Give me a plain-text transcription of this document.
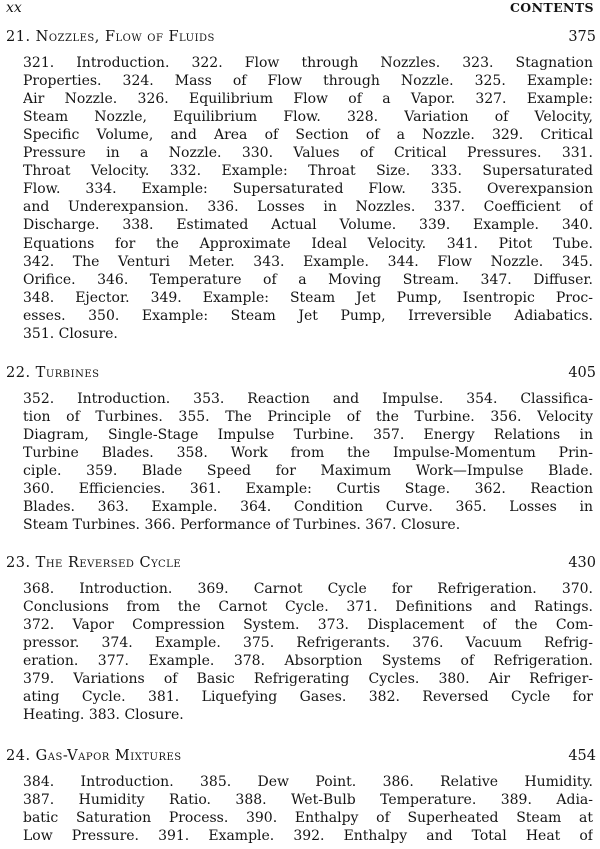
xx	CONTENTS
21. Nozzles, Flow of Fluids	375
321. Introduction. 322. Flow through Nozzles. 323. Stagnation
Properties. 324. Mass of Flow through Nozzle. 325. Example:
Air Nozzle. 326. Equilibrium Flow of a Vapor. 327. Example:
Steam Nozzle, Equilibrium Flow. 328. Variation of Velocity,
Specific Volume, and Area of Section of a Nozzle. 329. Critical
Pressure in a Nozzle. 330. Values of Critical Pressures. 331.
Throat Velocity. 332. Example: Throat Size. 333. Supersaturated
Flow. 334. Example: Supersaturated Flow. 335. Overexpansion
and Underexpansion. 336. Losses in Nozzles. 337. Coefficient of
Discharge. 338. Estimated Actual Volume. 339. Example. 340.
Equations for the Approximate Ideal Velocity. 341. Pitot Tube.
342. The Venturi Meter. 343. Example. 344. Flow Nozzle. 345.
Orifice. 346. Temperature of a Moving Stream. 347. Diffuser.
348. Ejector. 349. Example: Steam Jet Pump, Isentropic Proc-
esses. 350. Example: Steam Jet Pump, Irreversible Adiabatics.
351. Closure.
22. Turbines	405
352. Introduction. 353. Reaction and Impulse. 354. Classifica-
tion of Turbines. 355. The Principle of the Turbine. 356. Velocity
Diagram, Single-Stage Impulse Turbine. 357. Energy Relations in
Turbine Blades. 358. Work from the Impulse-Momentum Prin-
ciple. 359. Blade Speed for Maximum Work—Impulse Blade.
360. Efficiencies. 361. Example: Curtis Stage. 362. Reaction
Blades. 363. Example. 364. Condition Curve. 365. Losses in
Steam Turbines. 366. Performance of Turbines. 367. Closure.
23. The Reversed Cycle	430
368. Introduction. 369. Carnot Cycle for Refrigeration. 370.
Conclusions from the Carnot Cycle. 371. Definitions and Ratings.
372. Vapor Compression System. 373. Displacement of the Com-
pressor. 374. Example. 375. Refrigerants. 376. Vacuum Refrig-
eration. 377. Example. 378. Absorption Systems of Refrigeration.
379. Variations of Basic Refrigerating Cycles. 380. Air Refriger-
ating Cycle. 381. Liquefying Gases. 382. Reversed Cycle for
Heating. 383. Closure.
24. Gas-Vapor Mixtures	454
384. Introduction. 385. Dew Point. 386. Relative Humidity.
387. Humidity Ratio. 388. Wet-Bulb Temperature. 389. Adia-
batic Saturation Process. 390. Enthalpy of Superheated Steam at
Low Pressure. 391. Example. 392. Enthalpy and Total Heat of
